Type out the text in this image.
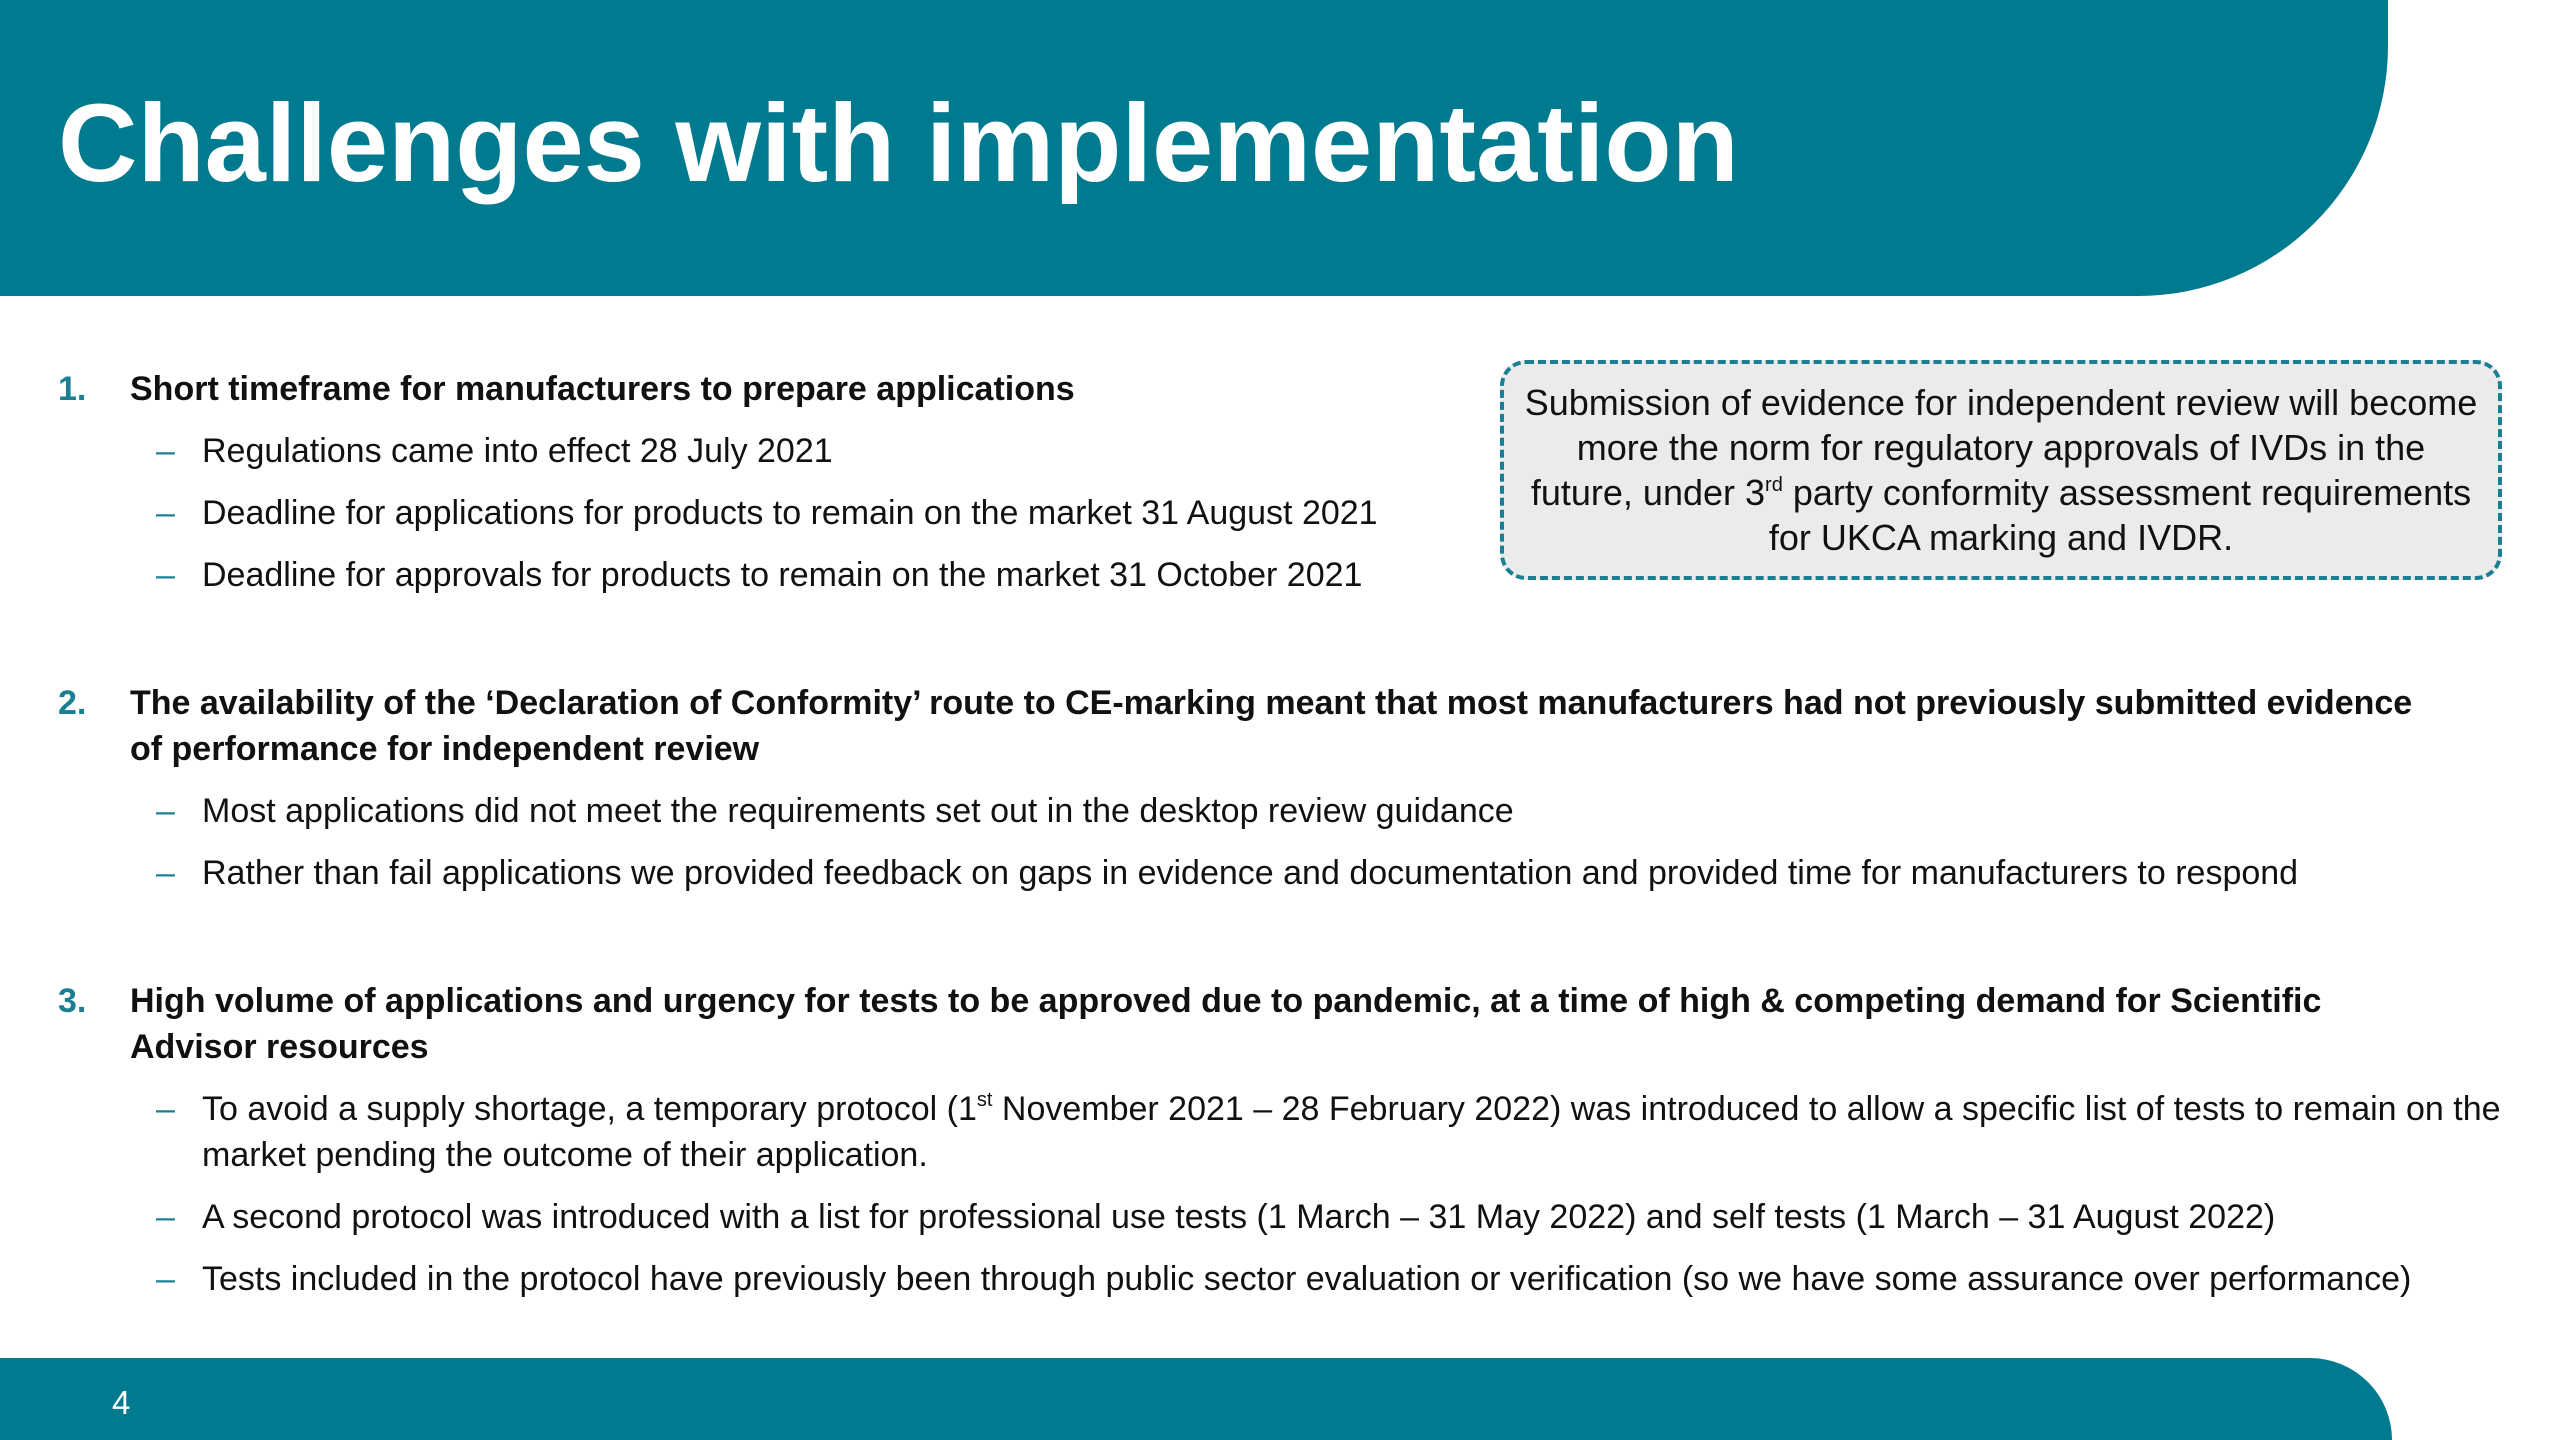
Challenges with implementation
Submission of evidence for independent review will become more the norm for regulatory approvals of IVDs in the future, under 3rd party conformity assessment requirements for UKCA marking and IVDR.
1. Short timeframe for manufacturers to prepare applications

– Regulations came into effect 28 July 2021
– Deadline for applications for products to remain on the market 31 August 2021
– Deadline for approvals for products to remain on the market 31 October 2021
2. The availability of the ‘Declaration of Conformity’ route to CE-marking meant that most manufacturers had not previously submitted evidence of performance for independent review

– Most applications did not meet the requirements set out in the desktop review guidance
– Rather than fail applications we provided feedback on gaps in evidence and documentation and provided time for manufacturers to respond
3. High volume of applications and urgency for tests to be approved due to pandemic, at a time of high & competing demand for Scientific Advisor resources

– To avoid a supply shortage, a temporary protocol (1st November 2021 – 28 February 2022) was introduced to allow a specific list of tests to remain on the market pending the outcome of their application.
– A second protocol was introduced with a list for professional use tests (1 March – 31 May 2022) and self tests (1 March – 31 August 2022)
– Tests included in the protocol have previously been through public sector evaluation or verification (so we have some assurance over performance)
4
